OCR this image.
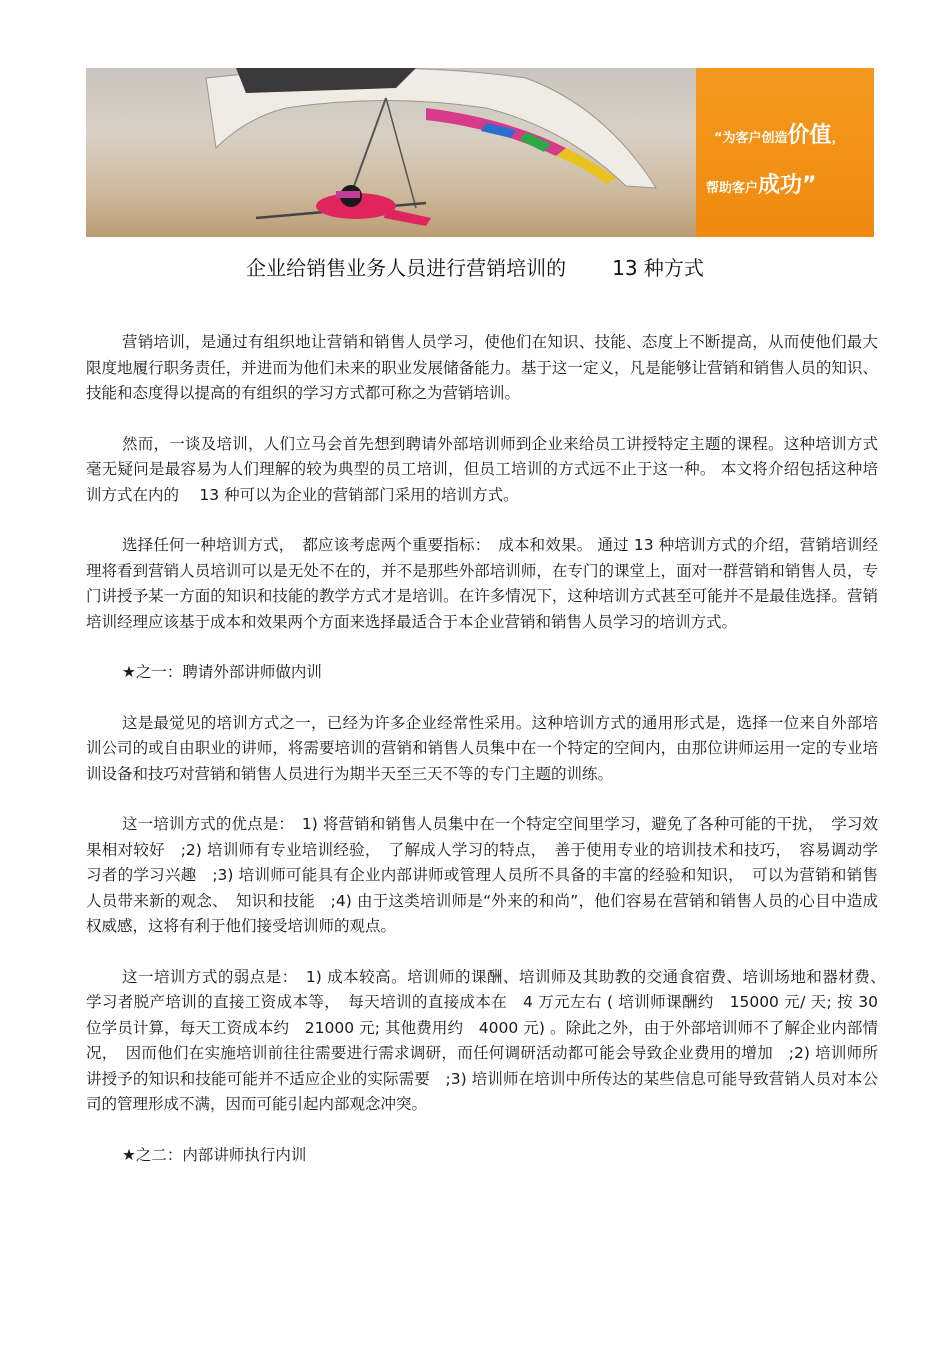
“为客户创造价值，
帮助客户成功”
企业给销售业务人员进行营销培训的 13 种方式

营销培训，是通过有组织地让营销和销售人员学习，使他们在知识、技能、态度上不断提高，从而使他们最大限度地履行职务责任，并进而为他们未来的职业发展储备能力。基于这一定义，凡是能够让营销和销售人员的知识、技能和态度得以提高的有组织的学习方式都可称之为营销培训。

然而，一谈及培训，人们立马会首先想到聘请外部培训师到企业来给员工讲授特定主题的课程。这种培训方式毫无疑问是最容易为人们理解的较为典型的员工培训，但员工培训的方式远不止于这一种。 本文将介绍包括这种培训方式在内的　 13 种可以为企业的营销部门采用的培训方式。

选择任何一种培训方式，　都应该考虑两个重要指标：　成本和效果。 通过 13 种培训方式的介绍，营销培训经理将看到营销人员培训可以是无处不在的，并不是那些外部培训师，在专门的课堂上，面对一群营销和销售人员，专门讲授予某一方面的知识和技能的教学方式才是培训。在许多情况下，这种培训方式甚至可能并不是最佳选择。营销培训经理应该基于成本和效果两个方面来选择最适合于本企业营销和销售人员学习的培训方式。

★之一：聘请外部讲师做内训

这是最觉见的培训方式之一，已经为许多企业经常性采用。这种培训方式的通用形式是，选择一位来自外部培训公司的或自由职业的讲师，将需要培训的营销和销售人员集中在一个特定的空间内，由那位讲师运用一定的专业培训设备和技巧对营销和销售人员进行为期半天至三天不等的专门主题的训练。

这一培训方式的优点是：　1) 将营销和销售人员集中在一个特定空间里学习，避免了各种可能的干扰，　学习效果相对较好　;2) 培训师有专业培训经验，　了解成人学习的特点，　善于使用专业的培训技术和技巧，　容易调动学习者的学习兴趣　;3) 培训师可能具有企业内部讲师或管理人员所不具备的丰富的经验和知识，　可以为营销和销售人员带来新的观念、　知识和技能　;4) 由于这类培训师是“外来的和尚”，他们容易在营销和销售人员的心目中造成权威感，这将有利于他们接受培训师的观点。

这一培训方式的弱点是：　1) 成本较高。培训师的课酬、培训师及其助教的交通食宿费、培训场地和器材费、　学习者脱产培训的直接工资成本等，　每天培训的直接成本在　4 万元左右 ( 培训师课酬约　15000 元/ 天; 按 30 位学员计算，每天工资成本约　21000 元; 其他费用约　4000 元) 。除此之外，由于外部培训师不了解企业内部情况，　因而他们在实施培训前往往需要进行需求调研，而任何调研活动都可能会导致企业费用的增加　;2) 培训师所讲授予的知识和技能可能并不适应企业的实际需要　;3) 培训师在培训中所传达的某些信息可能导致营销人员对本公司的管理形成不满，因而可能引起内部观念冲突。

★之二：内部讲师执行内训
